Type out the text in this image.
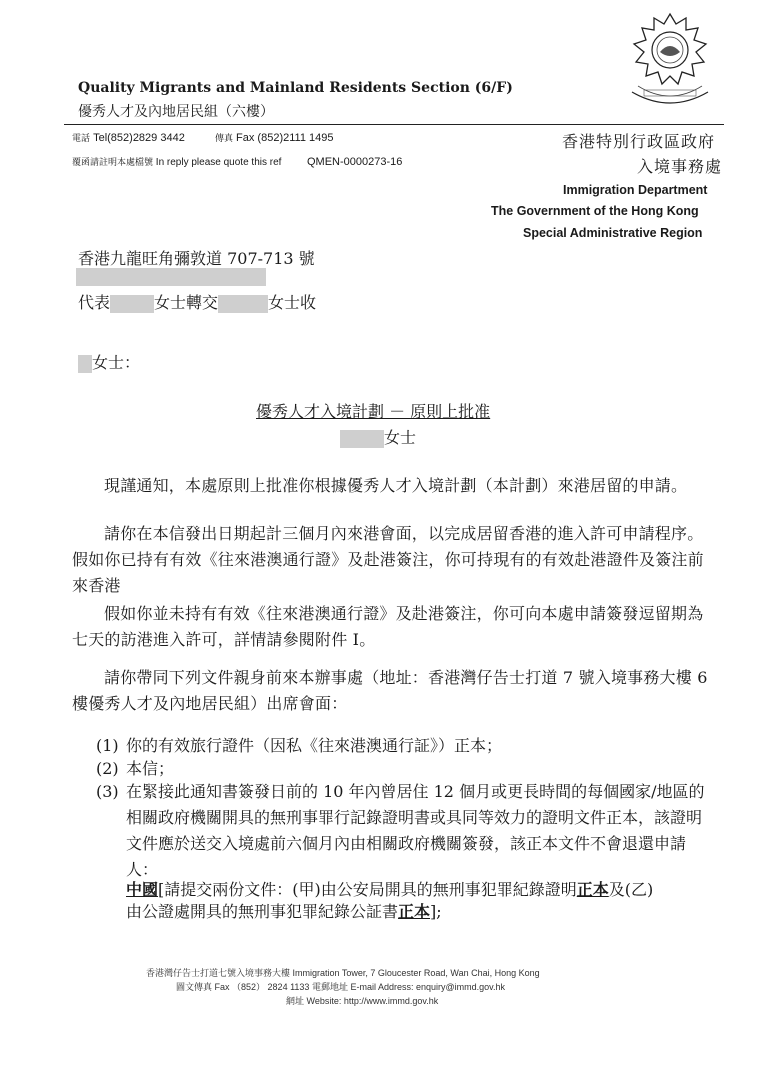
Quality Migrants and Mainland Residents Section (6/F)
優秀人才及內地居民組（六樓）
電話 Tel(852)2829 3442	傳真 Fax (852)2111 1495
覆函請註明本處檔號 In reply please quote this ref QMEN-0000273-16
香港特別行政區政府
入境事務處
Immigration Department
The Government of the Hong Kong
Special Administrative Region
香港九龍旺角彌敦道 707-713 號
代表	女士轉交	女士收
女士：
優秀人才入境計劃 － 原則上批准
女士

現謹通知，本處原則上批准你根據優秀人才入境計劃（本計劃）來港居留的申請。

請你在本信發出日期起計三個月內來港會面，以完成居留香港的進入許可申請程序。假如你已持有有效《往來港澳通行證》及赴港簽注，你可持現有的有效赴港證件及簽注前來香港

假如你並未持有有效《往來港澳通行證》及赴港簽注，你可向本處申請簽發逗留期為七天的訪港進入許可，詳情請參閱附件 I。

請你帶同下列文件親身前來本辦事處（地址：香港灣仔告士打道 7 號入境事務大樓 6 樓優秀人才及內地居民組）出席會面：

(1) 你的有效旅行證件（因私《往來港澳通行証》）正本；
(2) 本信；
(3) 在緊接此通知書簽發日前的 10 年內曾居住 12 個月或更長時間的每個國家/地區的相關政府機關開具的無刑事罪行記錄證明書或具同等效力的證明文件正本，該證明文件應於送交入境處前六個月內由相關政府機關簽發，該正本文件不會退還申請人：
中國[請提交兩份文件：(甲)由公安局開具的無刑事犯罪紀錄證明正本及(乙)
由公證處開具的無刑事犯罪紀錄公証書正本];
香港灣仔告士打道七號入境事務大樓 Immigration Tower, 7 Gloucester Road, Wan Chai, Hong Kong
圖文傳真 Fax （852） 2824 1133 電郵地址 E-mail Address: enquiry@immd.gov.hk
網址 Website: http://www.immd.gov.hk
